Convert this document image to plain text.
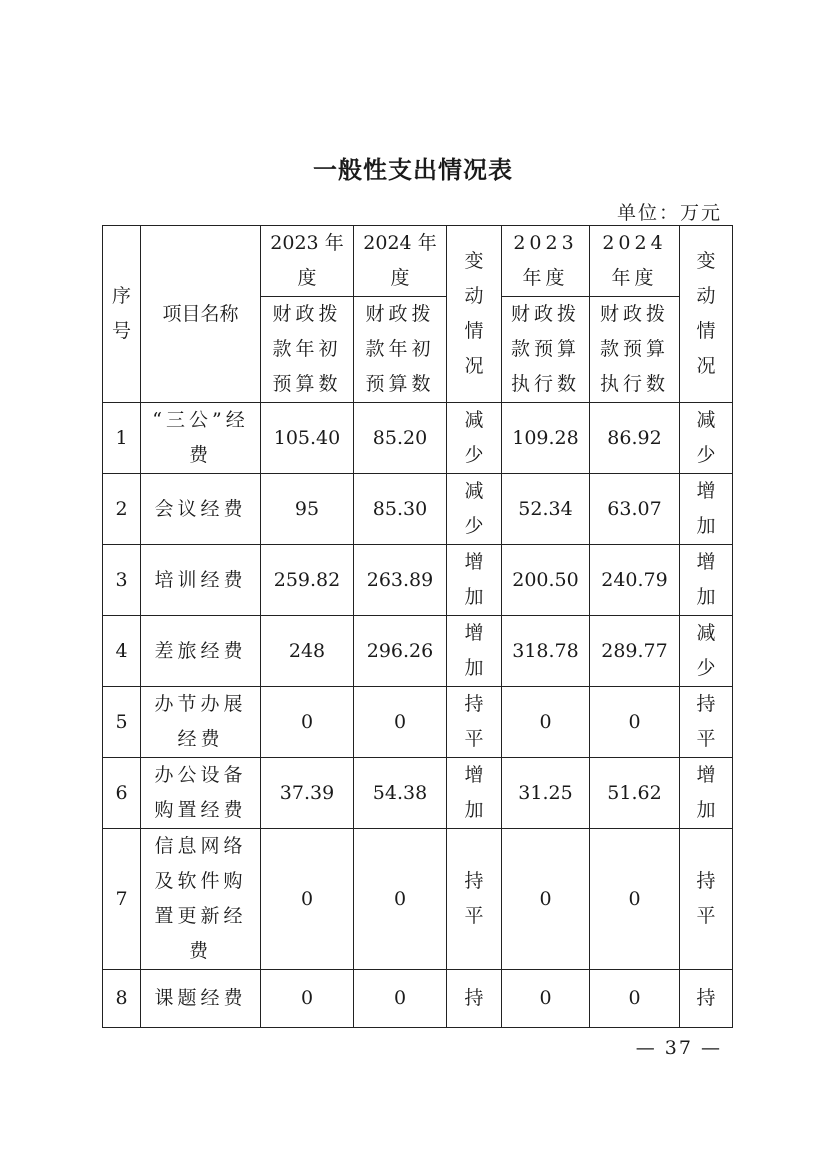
一般性支出情况表
单位：万元
序号	项目名称	2023 年度	2024 年度	变动情况	2023 年度	2024 年度	变动情况

		财政拨款年初预算数	财政拨款年初预算数		财政拨款预算执行数	财政拨款预算执行数	

1	“三公”经费	105.40	85.20	减少	109.28	86.92	减少

2	会议经费	95	85.30	减少	52.34	63.07	增加

3	培训经费	259.82	263.89	增加	200.50	240.79	增加

4	差旅经费	248	296.26	增加	318.78	289.77	减少

5	办节办展经费	0	0	持平	0	0	持平

6	办公设备购置经费	37.39	54.38	增加	31.25	51.62	增加

7	信息网络及软件购置更新经费	0	0	持平	0	0	持平

8	课题经费	0	0	持	0	0	持
— 37 —
